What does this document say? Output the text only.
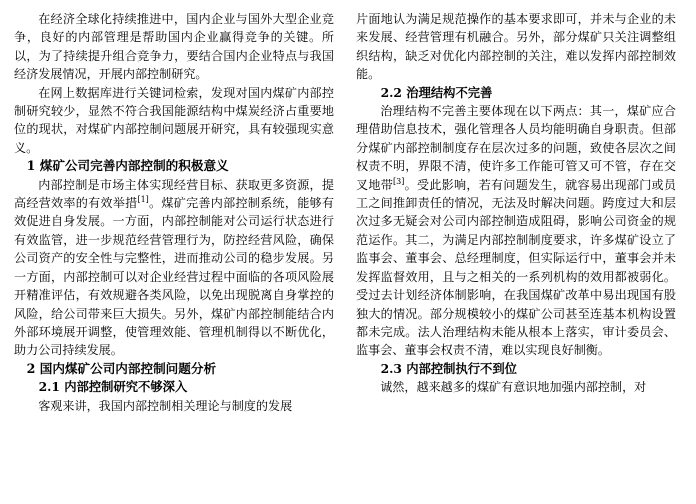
在经济全球化持续推进中，国内企业与国外大型企业竞争，良好的内部管理是帮助国内企业赢得竞争的关键。所以，为了持续提升组合竞争力，要结合国内企业特点与我国经济发展情况，开展内部控制研究。

在网上数据库进行关键词检索，发现对国内煤矿内部控制研究较少，显然不符合我国能源结构中煤炭经济占重要地位的现状，对煤矿内部控制问题展开研究，具有较强现实意义。

1 煤矿公司完善内部控制的积极意义

内部控制是市场主体实现经营目标、获取更多资源，提高经营效率的有效举措[1]。煤矿完善内部控制系统，能够有效促进自身发展。一方面，内部控制能对公司运行状态进行有效监管，进一步规范经营管理行为，防控经营风险，确保公司资产的安全性与完整性，进而推动公司的稳步发展。另一方面，内部控制可以对企业经营过程中面临的各项风险展开精准评估，有效规避各类风险，以免出现脱离自身掌控的风险，给公司带来巨大损失。另外，煤矿内部控制能结合内外部环境展开调整，使管理效能、管理机制得以不断优化，助力公司持续发展。

2 国内煤矿公司内部控制问题分析
2.1 内部控制研究不够深入

客观来讲，我国内部控制相关理论与制度的发展

片面地认为满足规范操作的基本要求即可，并未与企业的未来发展、经营管理有机融合。另外，部分煤矿只关注调整组织结构，缺乏对优化内部控制的关注，难以发挥内部控制效能。

2.2 治理结构不完善

治理结构不完善主要体现在以下两点：其一，煤矿应合理借助信息技术，强化管理各人员均能明确自身职责。但部分煤矿内部控制制度存在层次过多的问题，致使各层次之间权责不明，界限不清，使许多工作能可管又可不管，存在交叉地带[3]。受此影响，若有问题发生，就容易出现部门或员工之间推卸责任的情况，无法及时解决问题。跨度过大和层次过多无疑会对公司内部控制造成阻碍，影响公司资金的规范运作。其二，为满足内部控制制度要求，许多煤矿设立了监事会、董事会、总经理制度，但实际运行中，董事会并未发挥监督效用，且与之相关的一系列机构的效用都被弱化。受过去计划经济体制影响，在我国煤矿改革中易出现国有股独大的情况。部分规模较小的煤矿公司甚至连基本机构设置都未完成。法人治理结构未能从根本上落实，审计委员会、监事会、董事会权责不清，难以实现良好制衡。

2.3 内部控制执行不到位

诚然，越来越多的煤矿有意识地加强内部控制，对
